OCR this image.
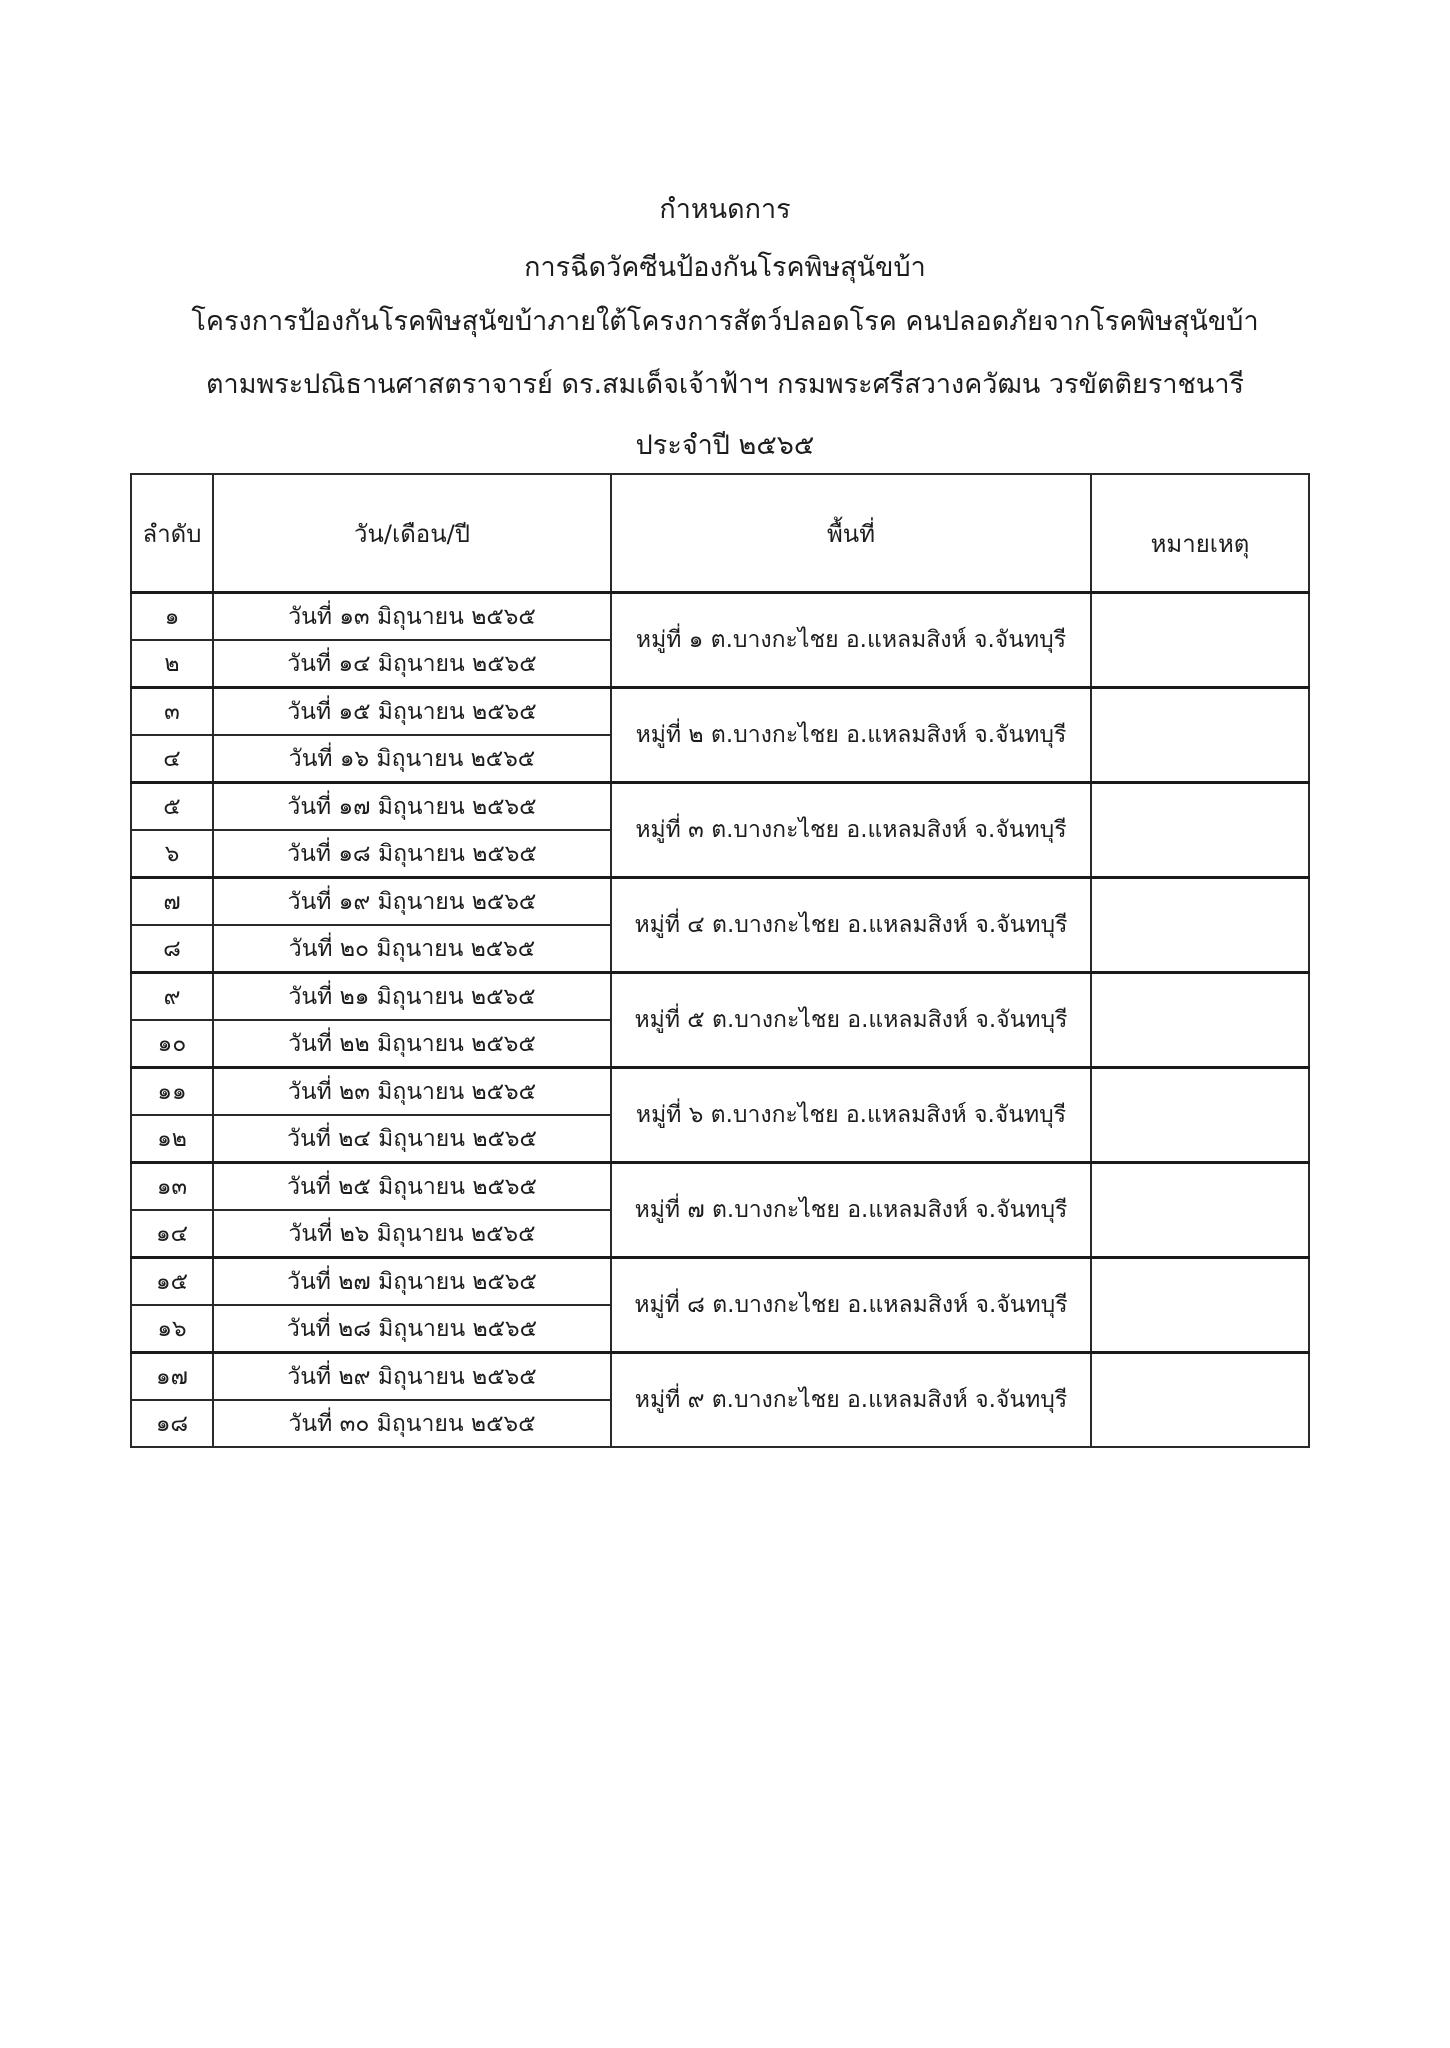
กำหนดการ
การฉีดวัคซีนป้องกันโรคพิษสุนัขบ้า
โครงการป้องกันโรคพิษสุนัขบ้าภายใต้โครงการสัตว์ปลอดโรค คนปลอดภัยจากโรคพิษสุนัขบ้า
ตามพระปณิธานศาสตราจารย์ ดร.สมเด็จเจ้าฟ้าฯ กรมพระศรีสวางควัฒน วรขัตติยราชนารี
ประจำปี ๒๕๖๕
ลำดับ	วัน/เดือน/ปี	พื้นที่	หมายเหตุ
๑	วันที่ ๑๓ มิถุนายน ๒๕๖๕	หมู่ที่ ๑ ต.บางกะไชย อ.แหลมสิงห์ จ.จันทบุรี	
๒	วันที่ ๑๔ มิถุนายน ๒๕๖๕		
๓	วันที่ ๑๕ มิถุนายน ๒๕๖๕	หมู่ที่ ๒ ต.บางกะไชย อ.แหลมสิงห์ จ.จันทบุรี	
๔	วันที่ ๑๖ มิถุนายน ๒๕๖๕		
๕	วันที่ ๑๗ มิถุนายน ๒๕๖๕	หมู่ที่ ๓ ต.บางกะไชย อ.แหลมสิงห์ จ.จันทบุรี	
๖	วันที่ ๑๘ มิถุนายน ๒๕๖๕		
๗	วันที่ ๑๙ มิถุนายน ๒๕๖๕	หมู่ที่ ๔ ต.บางกะไชย อ.แหลมสิงห์ จ.จันทบุรี	
๘	วันที่ ๒๐ มิถุนายน ๒๕๖๕		
๙	วันที่ ๒๑ มิถุนายน ๒๕๖๕	หมู่ที่ ๕ ต.บางกะไชย อ.แหลมสิงห์ จ.จันทบุรี	
๑๐	วันที่ ๒๒ มิถุนายน ๒๕๖๕		
๑๑	วันที่ ๒๓ มิถุนายน ๒๕๖๕	หมู่ที่ ๖ ต.บางกะไชย อ.แหลมสิงห์ จ.จันทบุรี	
๑๒	วันที่ ๒๔ มิถุนายน ๒๕๖๕		
๑๓	วันที่ ๒๕ มิถุนายน ๒๕๖๕	หมู่ที่ ๗ ต.บางกะไชย อ.แหลมสิงห์ จ.จันทบุรี	
๑๔	วันที่ ๒๖ มิถุนายน ๒๕๖๕		
๑๕	วันที่ ๒๗ มิถุนายน ๒๕๖๕	หมู่ที่ ๘ ต.บางกะไชย อ.แหลมสิงห์ จ.จันทบุรี	
๑๖	วันที่ ๒๘ มิถุนายน ๒๕๖๕		
๑๗	วันที่ ๒๙ มิถุนายน ๒๕๖๕	หมู่ที่ ๙ ต.บางกะไชย อ.แหลมสิงห์ จ.จันทบุรี	
๑๘	วันที่ ๓๐ มิถุนายน ๒๕๖๕		
